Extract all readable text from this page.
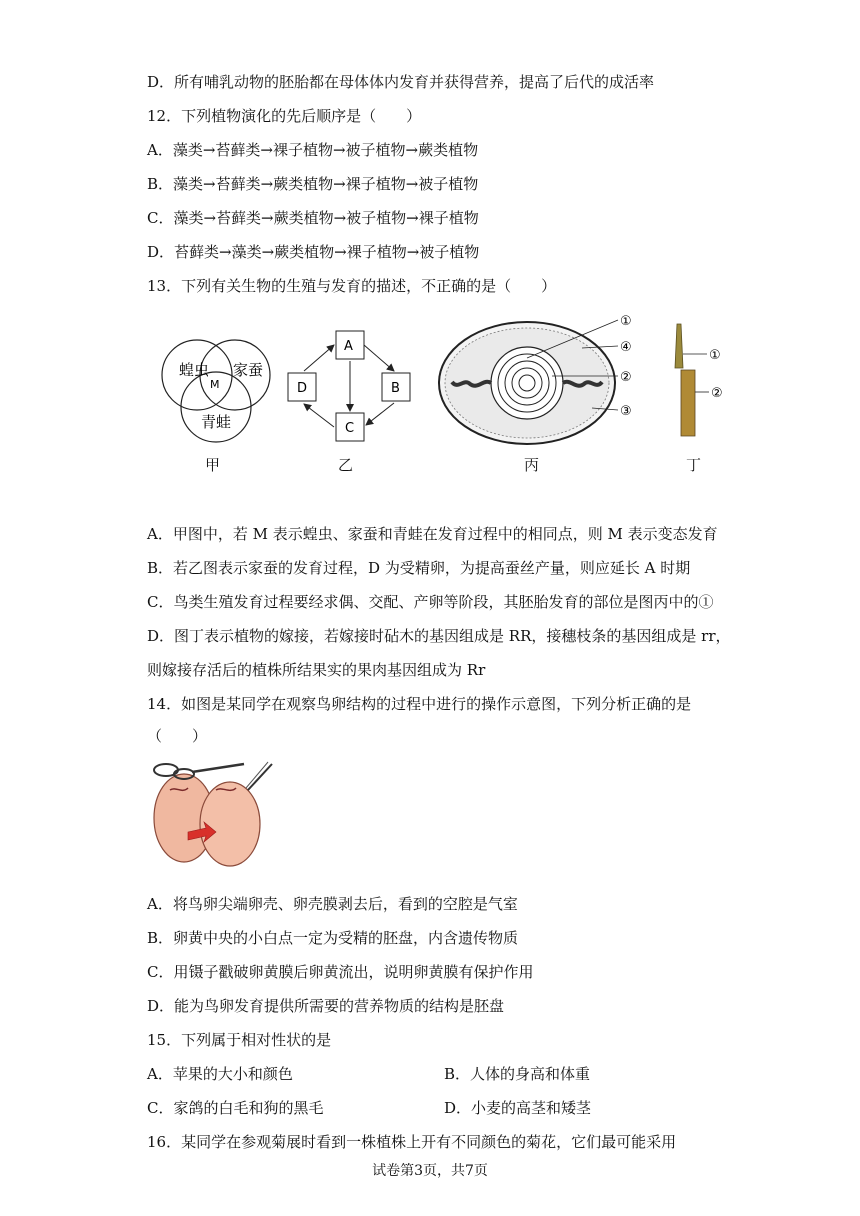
D．所有哺乳动物的胚胎都在母体体内发育并获得营养，提高了后代的成活率
12．下列植物演化的先后顺序是（　　）
A．藻类→苔藓类→裸子植物→被子植物→蕨类植物
B．藻类→苔藓类→蕨类植物→裸子植物→被子植物
C．藻类→苔藓类→蕨类植物→被子植物→裸子植物
D．苔藓类→藻类→蕨类植物→裸子植物→被子植物
13．下列有关生物的生殖与发育的描述，不正确的是（　　）
蝗虫 家蚕
青蛙
M
甲
A
B
C
D
乙
①
④
②
③
丙
①
②
丁
A．甲图中，若 M 表示蝗虫、家蚕和青蛙在发育过程中的相同点，则 M 表示变态发育
B．若乙图表示家蚕的发育过程，D 为受精卵，为提高蚕丝产量，则应延长 A 时期
C．鸟类生殖发育过程要经求偶、交配、产卵等阶段，其胚胎发育的部位是图丙中的①
D．图丁表示植物的嫁接，若嫁接时砧木的基因组成是 RR，接穗枝条的基因组成是 rr，
则嫁接存活后的植株所结果实的果肉基因组成为 Rr
14．如图是某同学在观察鸟卵结构的过程中进行的操作示意图，下列分析正确的是
（　　）
A．将鸟卵尖端卵壳、卵壳膜剥去后，看到的空腔是气室
B．卵黄中央的小白点一定为受精的胚盘，内含遗传物质
C．用镊子戳破卵黄膜后卵黄流出，说明卵黄膜有保护作用
D．能为鸟卵发育提供所需要的营养物质的结构是胚盘
15．下列属于相对性状的是
A．苹果的大小和颜色	B．人体的身高和体重
C．家鸽的白毛和狗的黑毛	D．小麦的高茎和矮茎
16．某同学在参观菊展时看到一株植株上开有不同颜色的菊花，它们最可能采用
试卷第3页，共7页
